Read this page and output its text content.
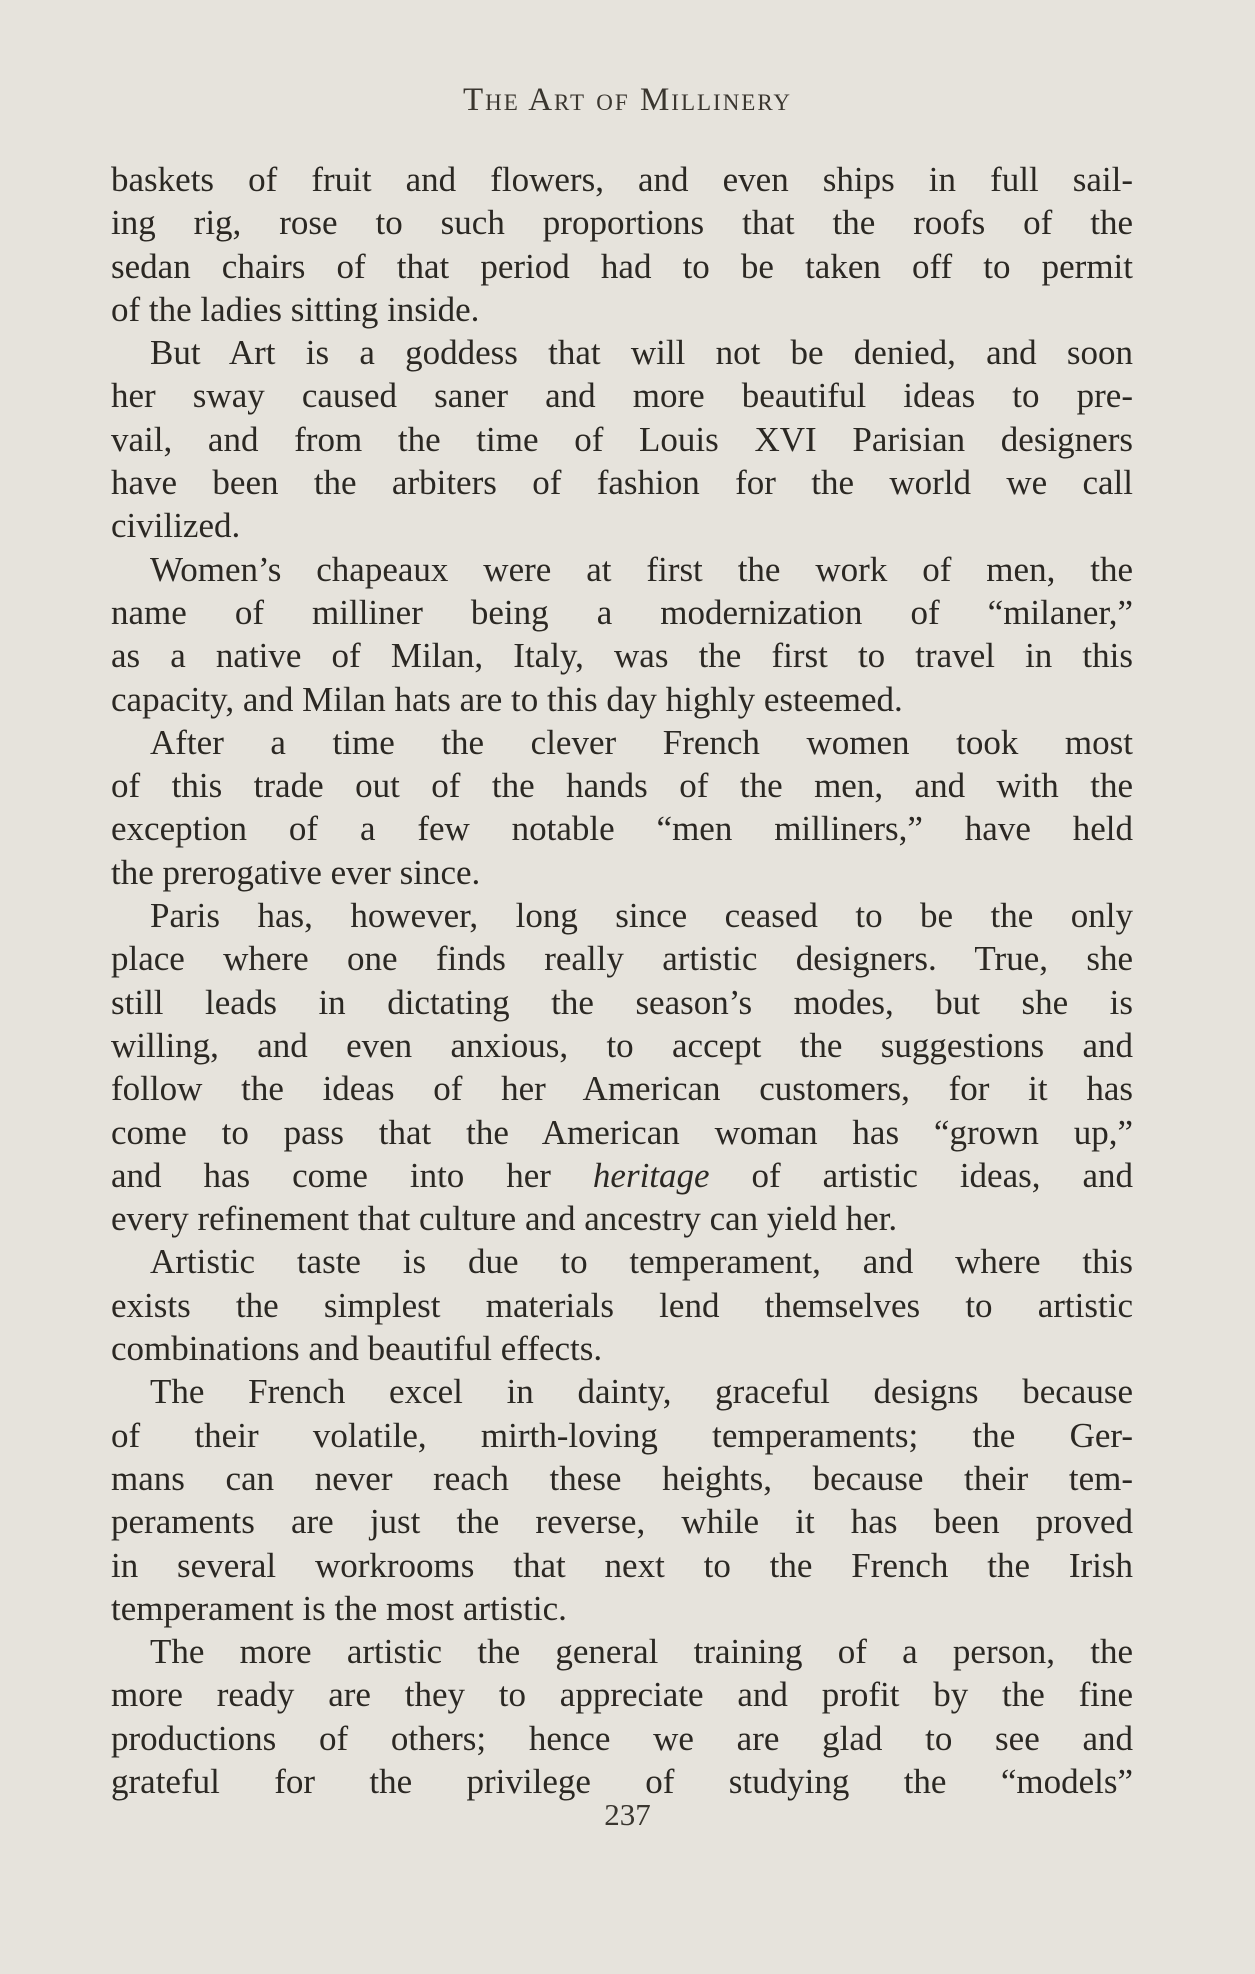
The Art of Millinery
baskets of fruit and flowers, and even ships in full sail-
ing rig, rose to such proportions that the roofs of the
sedan chairs of that period had to be taken off to permit
of the ladies sitting inside.
But Art is a goddess that will not be denied, and soon
her sway caused saner and more beautiful ideas to pre-
vail, and from the time of Louis XVI Parisian designers
have been the arbiters of fashion for the world we call
civilized.
Women’s chapeaux were at first the work of men, the
name of milliner being a modernization of “milaner,”
as a native of Milan, Italy, was the first to travel in this
capacity, and Milan hats are to this day highly esteemed.
After a time the clever French women took most
of this trade out of the hands of the men, and with the
exception of a few notable “men milliners,” have held
the prerogative ever since.
Paris has, however, long since ceased to be the only
place where one finds really artistic designers. True, she
still leads in dictating the season’s modes, but she is
willing, and even anxious, to accept the suggestions and
follow the ideas of her American customers, for it has
come to pass that the American woman has “grown up,”
and has come into her heritage of artistic ideas, and
every refinement that culture and ancestry can yield her.
Artistic taste is due to temperament, and where this
exists the simplest materials lend themselves to artistic
combinations and beautiful effects.
The French excel in dainty, graceful designs because
of their volatile, mirth-loving temperaments; the Ger-
mans can never reach these heights, because their tem-
peraments are just the reverse, while it has been proved
in several workrooms that next to the French the Irish
temperament is the most artistic.
The more artistic the general training of a person, the
more ready are they to appreciate and profit by the fine
productions of others; hence we are glad to see and
grateful for the privilege of studying the “models”
237
